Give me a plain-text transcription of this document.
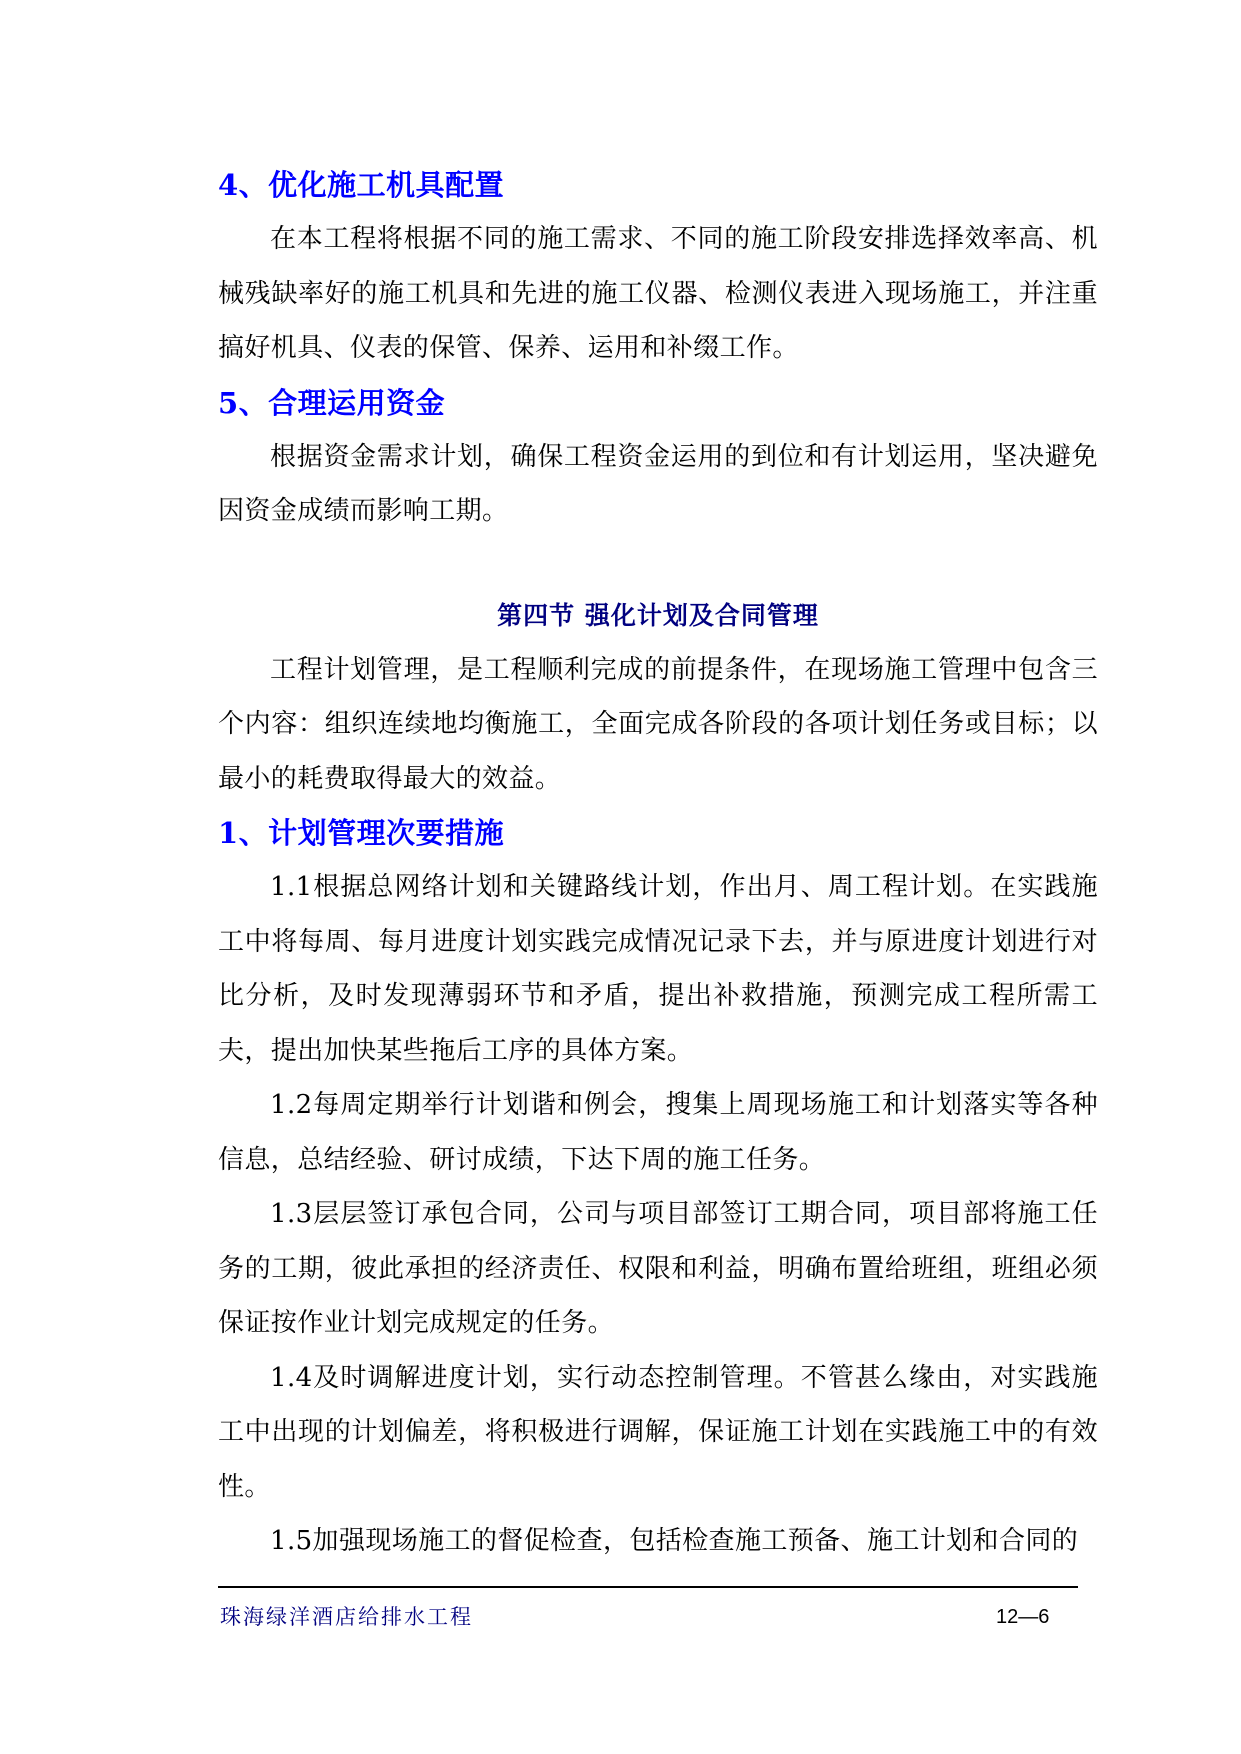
4、优化施工机具配置

在本工程将根据不同的施工需求、不同的施工阶段安排选择效率高、机械残缺率好的施工机具和先进的施工仪器、检测仪表进入现场施工，并注重搞好机具、仪表的保管、保养、运用和补缀工作。

5、合理运用资金

根据资金需求计划，确保工程资金运用的到位和有计划运用，坚决避免因资金成绩而影响工期。

第四节 强化计划及合同管理

工程计划管理，是工程顺利完成的前提条件，在现场施工管理中包含三个内容：组织连续地均衡施工，全面完成各阶段的各项计划任务或目标；以最小的耗费取得最大的效益。

1、计划管理次要措施

1.1根据总网络计划和关键路线计划，作出月、周工程计划。在实践施工中将每周、每月进度计划实践完成情况记录下去，并与原进度计划进行对比分析，及时发现薄弱环节和矛盾，提出补救措施，预测完成工程所需工夫，提出加快某些拖后工序的具体方案。

1.2每周定期举行计划谐和例会，搜集上周现场施工和计划落实等各种信息，总结经验、研讨成绩，下达下周的施工任务。

1.3层层签订承包合同，公司与项目部签订工期合同，项目部将施工任务的工期，彼此承担的经济责任、权限和利益，明确布置给班组，班组必须保证按作业计划完成规定的任务。

1.4及时调解进度计划，实行动态控制管理。不管甚么缘由，对实践施工中出现的计划偏差，将积极进行调解，保证施工计划在实践施工中的有效性。

1.5加强现场施工的督促检查，包括检查施工预备、施工计划和合同的

珠海绿洋酒店给排水工程	12—6
